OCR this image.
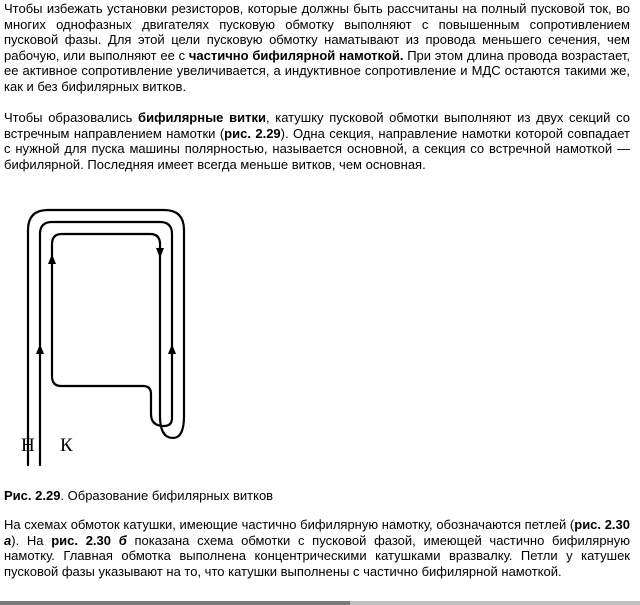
Чтобы избежать установки резисторов, которые должны быть рассчитаны на полный пусковой ток, во многих однофазных двигателях пусковую обмотку выполняют с повышенным сопротивлением пусковой фазы. Для этой цели пусковую обмотку наматывают из провода меньшего сечения, чем рабочую, или выполняют ее с частично бифилярной намоткой. При этом длина провода возрастает, ее активное сопротивление увеличивается, а индуктивное сопротивление и МДС остаются такими же, как и без бифилярных витков.

Чтобы образовались бифилярные витки, катушку пусковой обмотки выполняют из двух секций со встречным направлением намотки (рис. 2.29). Одна секция, направление намотки которой совпадает с нужной для пуска машины полярностью, называется основной, а секция со встречной намоткой — бифилярной. Последняя имеет всегда меньше витков, чем основная.

Н К

Рис. 2.29. Образование бифилярных витков

На схемах обмоток катушки, имеющие частично бифилярную намотку, обозначаются петлей (рис. 2.30 а). На рис. 2.30 б показана схема обмотки с пусковой фазой, имеющей частично бифилярную намотку. Главная обмотка выполнена концентрическими катушками вразвалку. Петли у катушек пусковой фазы указывают на то, что катушки выполнены с частично бифилярной намоткой.
